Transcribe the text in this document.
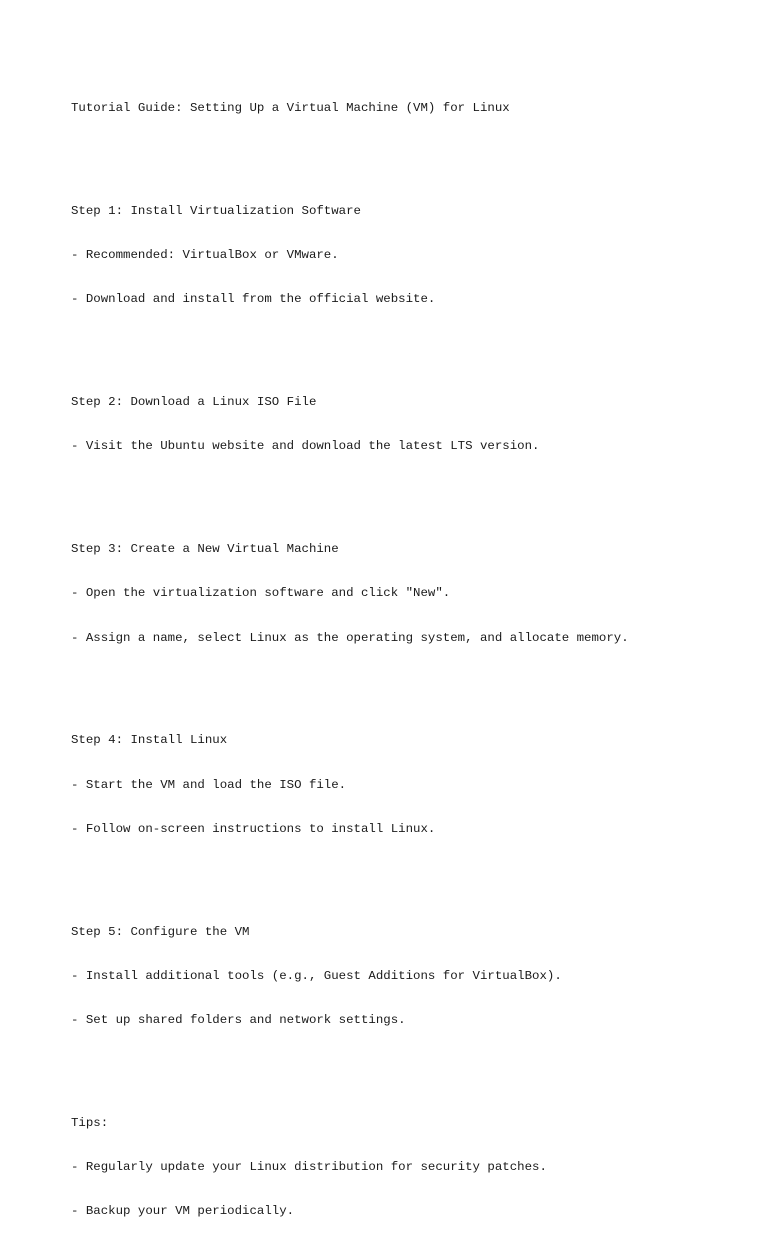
Tutorial Guide: Setting Up a Virtual Machine (VM) for Linux

Step 1: Install Virtualization Software

- Recommended: VirtualBox or VMware.

- Download and install from the official website.

Step 2: Download a Linux ISO File

- Visit the Ubuntu website and download the latest LTS version.

Step 3: Create a New Virtual Machine

- Open the virtualization software and click "New".

- Assign a name, select Linux as the operating system, and allocate memory.

Step 4: Install Linux

- Start the VM and load the ISO file.

- Follow on-screen instructions to install Linux.

Step 5: Configure the VM

- Install additional tools (e.g., Guest Additions for VirtualBox).

- Set up shared folders and network settings.

Tips:

- Regularly update your Linux distribution for security patches.

- Backup your VM periodically.
